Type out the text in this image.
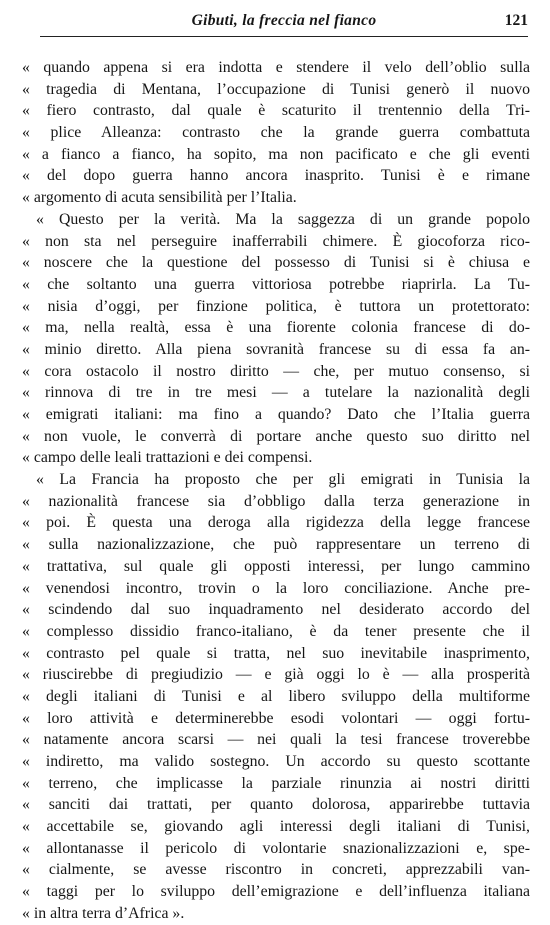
Gibuti, la freccia nel fianco	121
« quando appena si era indotta e stendere il velo dell’oblio sulla
« tragedia di Mentana, l’occupazione di Tunisi generò il nuovo
« fiero contrasto, dal quale è scaturito il trentennio della Tri-
« plice Alleanza: contrasto che la grande guerra combattuta
« a fianco a fianco, ha sopito, ma non pacificato e che gli eventi
« del dopo guerra hanno ancora inasprito. Tunisi è e rimane
« argomento di acuta sensibilità per l’Italia.
« Questo per la verità. Ma la saggezza di un grande popolo
« non sta nel perseguire inafferrabili chimere. È giocoforza rico-
« noscere che la questione del possesso di Tunisi si è chiusa e
« che soltanto una guerra vittoriosa potrebbe riaprirla. La Tu-
« nisia d’oggi, per finzione politica, è tuttora un protettorato:
« ma, nella realtà, essa è una fiorente colonia francese di do-
« minio diretto. Alla piena sovranità francese su di essa fa an-
« cora ostacolo il nostro diritto — che, per mutuo consenso, si
« rinnova di tre in tre mesi — a tutelare la nazionalità degli
« emigrati italiani: ma fino a quando? Dato che l’Italia guerra
« non vuole, le converrà di portare anche questo suo diritto nel
« campo delle leali trattazioni e dei compensi.
« La Francia ha proposto che per gli emigrati in Tunisia la
« nazionalità francese sia d’obbligo dalla terza generazione in
« poi. È questa una deroga alla rigidezza della legge francese
« sulla nazionalizzazione, che può rappresentare un terreno di
« trattativa, sul quale gli opposti interessi, per lungo cammino
« venendosi incontro, trovin o la loro conciliazione. Anche pre-
« scindendo dal suo inquadramento nel desiderato accordo del
« complesso dissidio franco-italiano, è da tener presente che il
« contrasto pel quale si tratta, nel suo inevitabile inasprimento,
« riuscirebbe di pregiudizio — e già oggi lo è — alla prosperità
« degli italiani di Tunisi e al libero sviluppo della multiforme
« loro attività e determinerebbe esodi volontari — oggi fortu-
« natamente ancora scarsi — nei quali la tesi francese troverebbe
« indiretto, ma valido sostegno. Un accordo su questo scottante
« terreno, che implicasse la parziale rinunzia ai nostri diritti
« sanciti dai trattati, per quanto dolorosa, apparirebbe tuttavia
« accettabile se, giovando agli interessi degli italiani di Tunisi,
« allontanasse il pericolo di volontarie snazionalizzazioni e, spe-
« cialmente, se avesse riscontro in concreti, apprezzabili van-
« taggi per lo sviluppo dell’emigrazione e dell’influenza italiana
« in altra terra d’Africa ».
